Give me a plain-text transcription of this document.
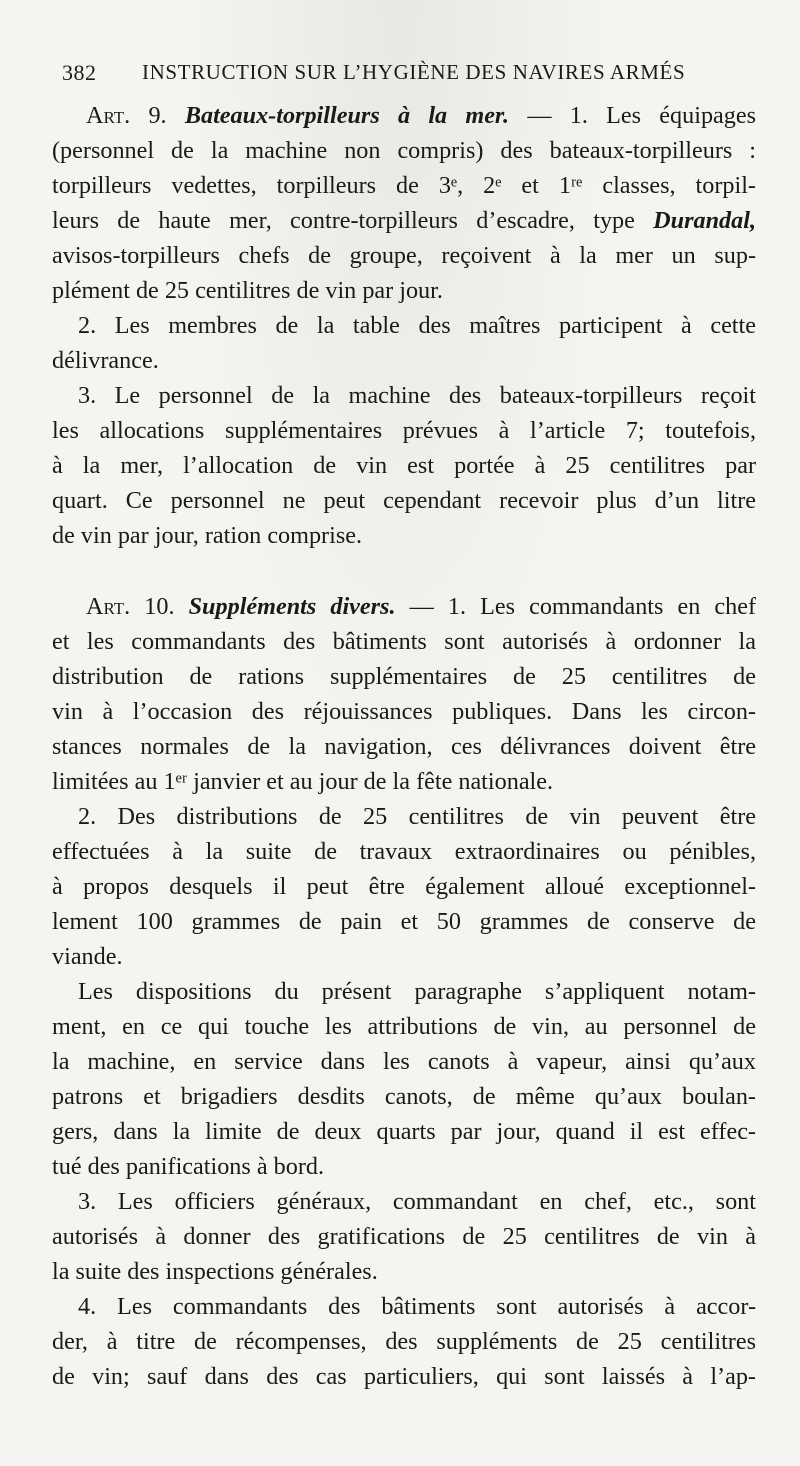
382 INSTRUCTION SUR L’HYGIÈNE DES NAVIRES ARMÉS
Art. 9. Bateaux-torpilleurs à la mer. — 1. Les équipages
(personnel de la machine non compris) des bateaux-torpilleurs :
torpilleurs vedettes, torpilleurs de 3ᵉ, 2ᵉ et 1ʳᵉ classes, torpil-
leurs de haute mer, contre-torpilleurs d’escadre, type Durandal,
avisos-torpilleurs chefs de groupe, reçoivent à la mer un sup-
plément de 25 centilitres de vin par jour.
2. Les membres de la table des maîtres participent à cette
délivrance.
3. Le personnel de la machine des bateaux-torpilleurs reçoit
les allocations supplémentaires prévues à l’article 7; toutefois,
à la mer, l’allocation de vin est portée à 25 centilitres par
quart. Ce personnel ne peut cependant recevoir plus d’un litre
de vin par jour, ration comprise.
Art. 10. Suppléments divers. — 1. Les commandants en chef
et les commandants des bâtiments sont autorisés à ordonner la
distribution de rations supplémentaires de 25 centilitres de
vin à l’occasion des réjouissances publiques. Dans les circon-
stances normales de la navigation, ces délivrances doivent être
limitées au 1ᵉʳ janvier et au jour de la fête nationale.
2. Des distributions de 25 centilitres de vin peuvent être
effectuées à la suite de travaux extraordinaires ou pénibles,
à propos desquels il peut être également alloué exceptionnel-
lement 100 grammes de pain et 50 grammes de conserve de
viande.
Les dispositions du présent paragraphe s’appliquent notam-
ment, en ce qui touche les attributions de vin, au personnel de
la machine, en service dans les canots à vapeur, ainsi qu’aux
patrons et brigadiers desdits canots, de même qu’aux boulan-
gers, dans la limite de deux quarts par jour, quand il est effec-
tué des panifications à bord.
3. Les officiers généraux, commandant en chef, etc., sont
autorisés à donner des gratifications de 25 centilitres de vin à
la suite des inspections générales.
4. Les commandants des bâtiments sont autorisés à accor-
der, à titre de récompenses, des suppléments de 25 centilitres
de vin; sauf dans des cas particuliers, qui sont laissés à l’ap-
